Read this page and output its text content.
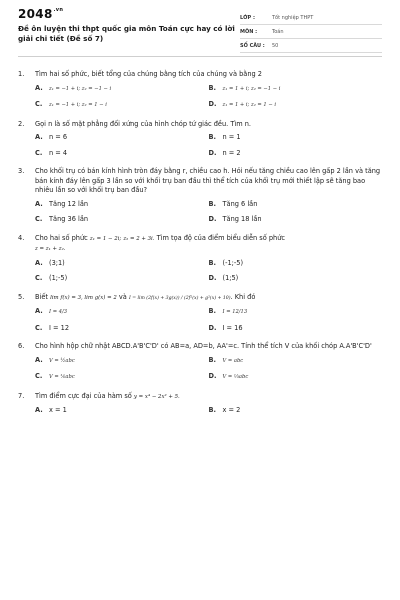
$2048^{.vn}$
Đề ôn luyện thi thpt quốc gia môn Toán cực hay có lời giải chi tiết (Đề số 7)
LỚP :	Tốt nghiệp THPT
MÔN :	Toán
SỐ CÂU :	50
1.	Tìm hai số phức, biết tổng của chúng bằng tích của chúng và bằng 2
A.	z₁ = −1 + i; z₂ = −1 − i	B.	z₁ = 1 + i; z₂ = −1 − i
C.	z₁ = −1 + i; z₂ = 1 − i	D.	z₁ = 1 + i; z₂ = 1 − i
2.	Gọi n là số mặt phẳng đối xứng của hình chóp tứ giác đều. Tìm n.
A. n = 6	B. n = 1
C.	n = 4	D. n = 2
3.	Cho khối trụ có bán kính hình tròn đáy bằng r, chiều cao h. Hỏi nếu tăng chiều cao lên gấp 2 lần và tăng bán kính đáy lên gấp 3 lần so với khối trụ ban đầu thì thể tích của khối trụ mới thiết lập sẽ tăng bao nhiêu lần so với khối trụ ban đầu?
A. Tăng 12 lần	B. Tăng 6 lần
C.	Tăng 36 lần	D. Tăng 18 lần
4.	Cho hai số phức z₁ = 1 − 2i; z₂ = 2 + 3i. Tìm tọa độ của điểm biểu diễn số phức
z = z₁ + z₂.
A. (3;1)	B. (-1;-5)
C.	(1;-5)	D. (1;5)
5.	Biết lim f(x) = 3, lim g(x) = 2 và I = lim (2f(x) + 3g(x)) / (2f²(x) + g²(x) + 10). Khi đó
A.	I = 4/3	B.	I = 12/13
C.	I = 12	D. I = 16
6.	Cho hình hộp chữ nhật ABCD.A'B'C'D' có AB=a, AD=b, AA'=c. Tính thể tích V của khối chóp A.A'B'C'D'
A.	V = ½abc	B.	V = abc
C.	V = ⅙abc	D.	V = ⅓abc
7.	Tìm điểm cực đại của hàm số y = x⁴ − 2x² + 5.
A. x = 1	B. x = 2
